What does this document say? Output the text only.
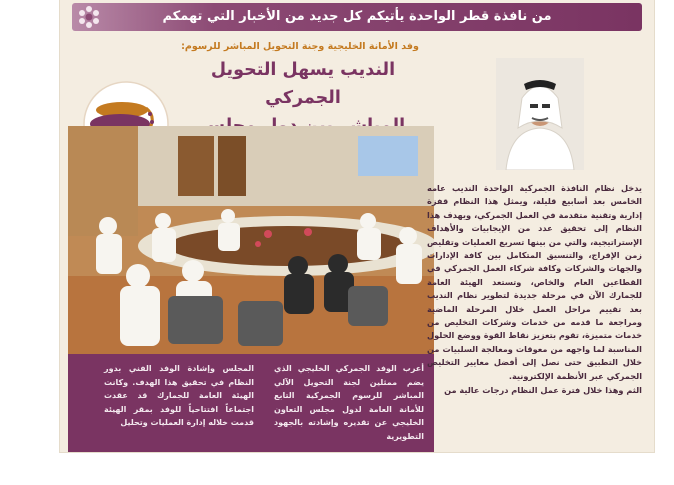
من نافذة قطر الواحدة يأتيكم كل جديد من الأخبار التي تهمكم
وفد الأمانة الخليجية وجنة التحويل المباشر للرسوم:
النديب يسهل التحويل الجمركي

أعرب الوفد الجمركي الخليجي الذي يضم ممثلين لجنة التحويل الآلي المباشر للرسوم الجمركية التابع للأمانة العامة لدول مجلس التعاون الخليجي عن تقديره وإشادته بالجهود التطويرية

المجلس وإشادة الوفد الفني بدور النظام في تحقيق هذا الهدف. وكانت الهيئة العامة للجمارك قد عقدت اجتماعاً افتتاحياً للوفد بمقر الهيئة قدمت خلاله إدارة العمليات وتحليل

يدخل نظام النافذة الجمركية الواحدة النديب عامه الخامس بعد أسابيع قليلة، ويمثل هذا النظام قفزة إدارية وتقنية متقدمة في العمل الجمركي، ويهدف هذا النظام إلى تحقيق عدد من الإيجابيات والأهداف الإستراتيجية، والتي من بينها تسريع العمليات وتقليص زمن الإفراج، والتنسيق المتكامل بين كافة الإدارات والجهات والشركات وكافة شركاء العمل الجمركي في القطاعين العام والخاص، وتستعد الهيئة العامة للجمارك الآن في مرحلة جديدة لتطوير نظام النديب بعد تقييم مراحل العمل خلال المرحلة الماضية ومراجعة ما قدمه من خدمات وشركات التخليص من خدمات متميزة، تقوم بتعزيز نقاط القوة ووضع الحلول المناسبة لما واجهه من معوقات ومعالجة السلبيات من خلال التطبيق حتى نصل إلى أفضل معايير التخليص الجمركي عبر الأنظمة الإلكترونية.

الثم وهذا خلال فترة عمل النظام درجات عالية من
